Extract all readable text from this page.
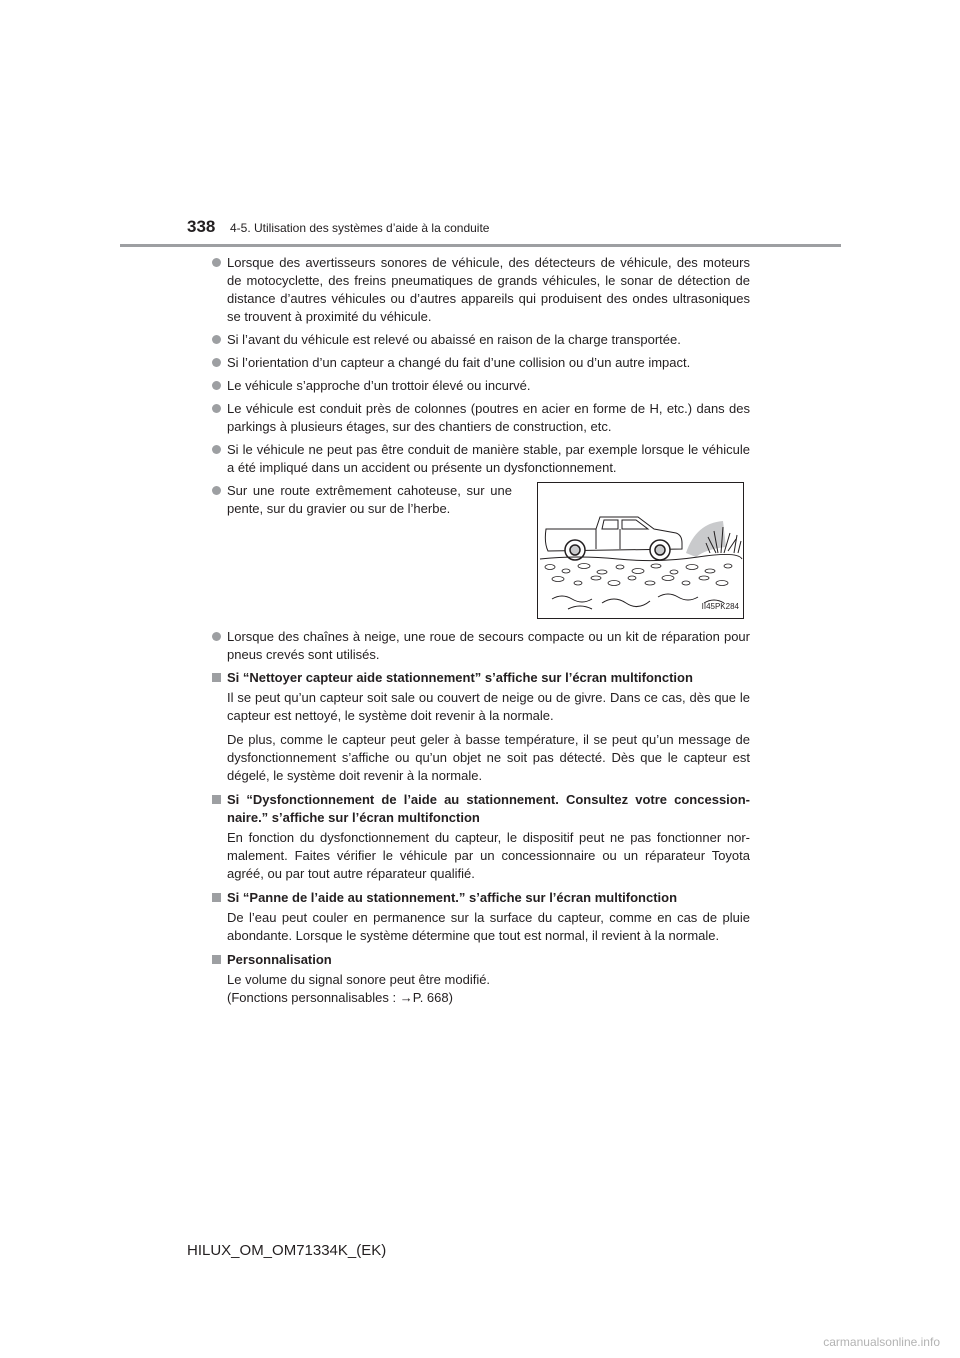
338 4-5. Utilisation des systèmes d’aide à la conduite
Lorsque des avertisseurs sonores de véhicule, des détecteurs de véhicule, des moteurs de motocyclette, des freins pneumatiques de grands véhicules, le sonar de détection de distance d’autres véhicules ou d’autres appareils qui produisent des ondes ultrasoniques se trouvent à proximité du véhicule.
Si l’avant du véhicule est relevé ou abaissé en raison de la charge transportée.
Si l’orientation d’un capteur a changé du fait d’une collision ou d’un autre impact.
Le véhicule s’approche d’un trottoir élevé ou incurvé.
Le véhicule est conduit près de colonnes (poutres en acier en forme de H, etc.) dans des parkings à plusieurs étages, sur des chantiers de construction, etc.
Si le véhicule ne peut pas être conduit de manière stable, par exemple lorsque le véhicule a été impliqué dans un accident ou présente un dysfonctionnement.
Sur une route extrêmement cahoteuse, sur une pente, sur du gravier ou sur de l’herbe.
II45PK284
Lorsque des chaînes à neige, une roue de secours compacte ou un kit de réparation pour pneus crevés sont utilisés.
Si “Nettoyer capteur aide stationnement” s’affiche sur l’écran multifonction
Il se peut qu’un capteur soit sale ou couvert de neige ou de givre. Dans ce cas, dès que le capteur est nettoyé, le système doit revenir à la normale.
De plus, comme le capteur peut geler à basse température, il se peut qu’un message de dysfonctionnement s’affiche ou qu’un objet ne soit pas détecté. Dès que le capteur est dégelé, le système doit revenir à la normale.
Si “Dysfonctionnement de l’aide au stationnement. Consultez votre concession-naire.” s’affiche sur l’écran multifonction
En fonction du dysfonctionnement du capteur, le dispositif peut ne pas fonctionner nor-malement. Faites vérifier le véhicule par un concessionnaire ou un réparateur Toyota agréé, ou par tout autre réparateur qualifié.
Si “Panne de l’aide au stationnement.” s’affiche sur l’écran multifonction
De l’eau peut couler en permanence sur la surface du capteur, comme en cas de pluie abondante. Lorsque le système détermine que tout est normal, il revient à la normale.
Personnalisation
Le volume du signal sonore peut être modifié.
(Fonctions personnalisables : →P. 668)
HILUX_OM_OM71334K_(EK)
carmanualsonline.info
